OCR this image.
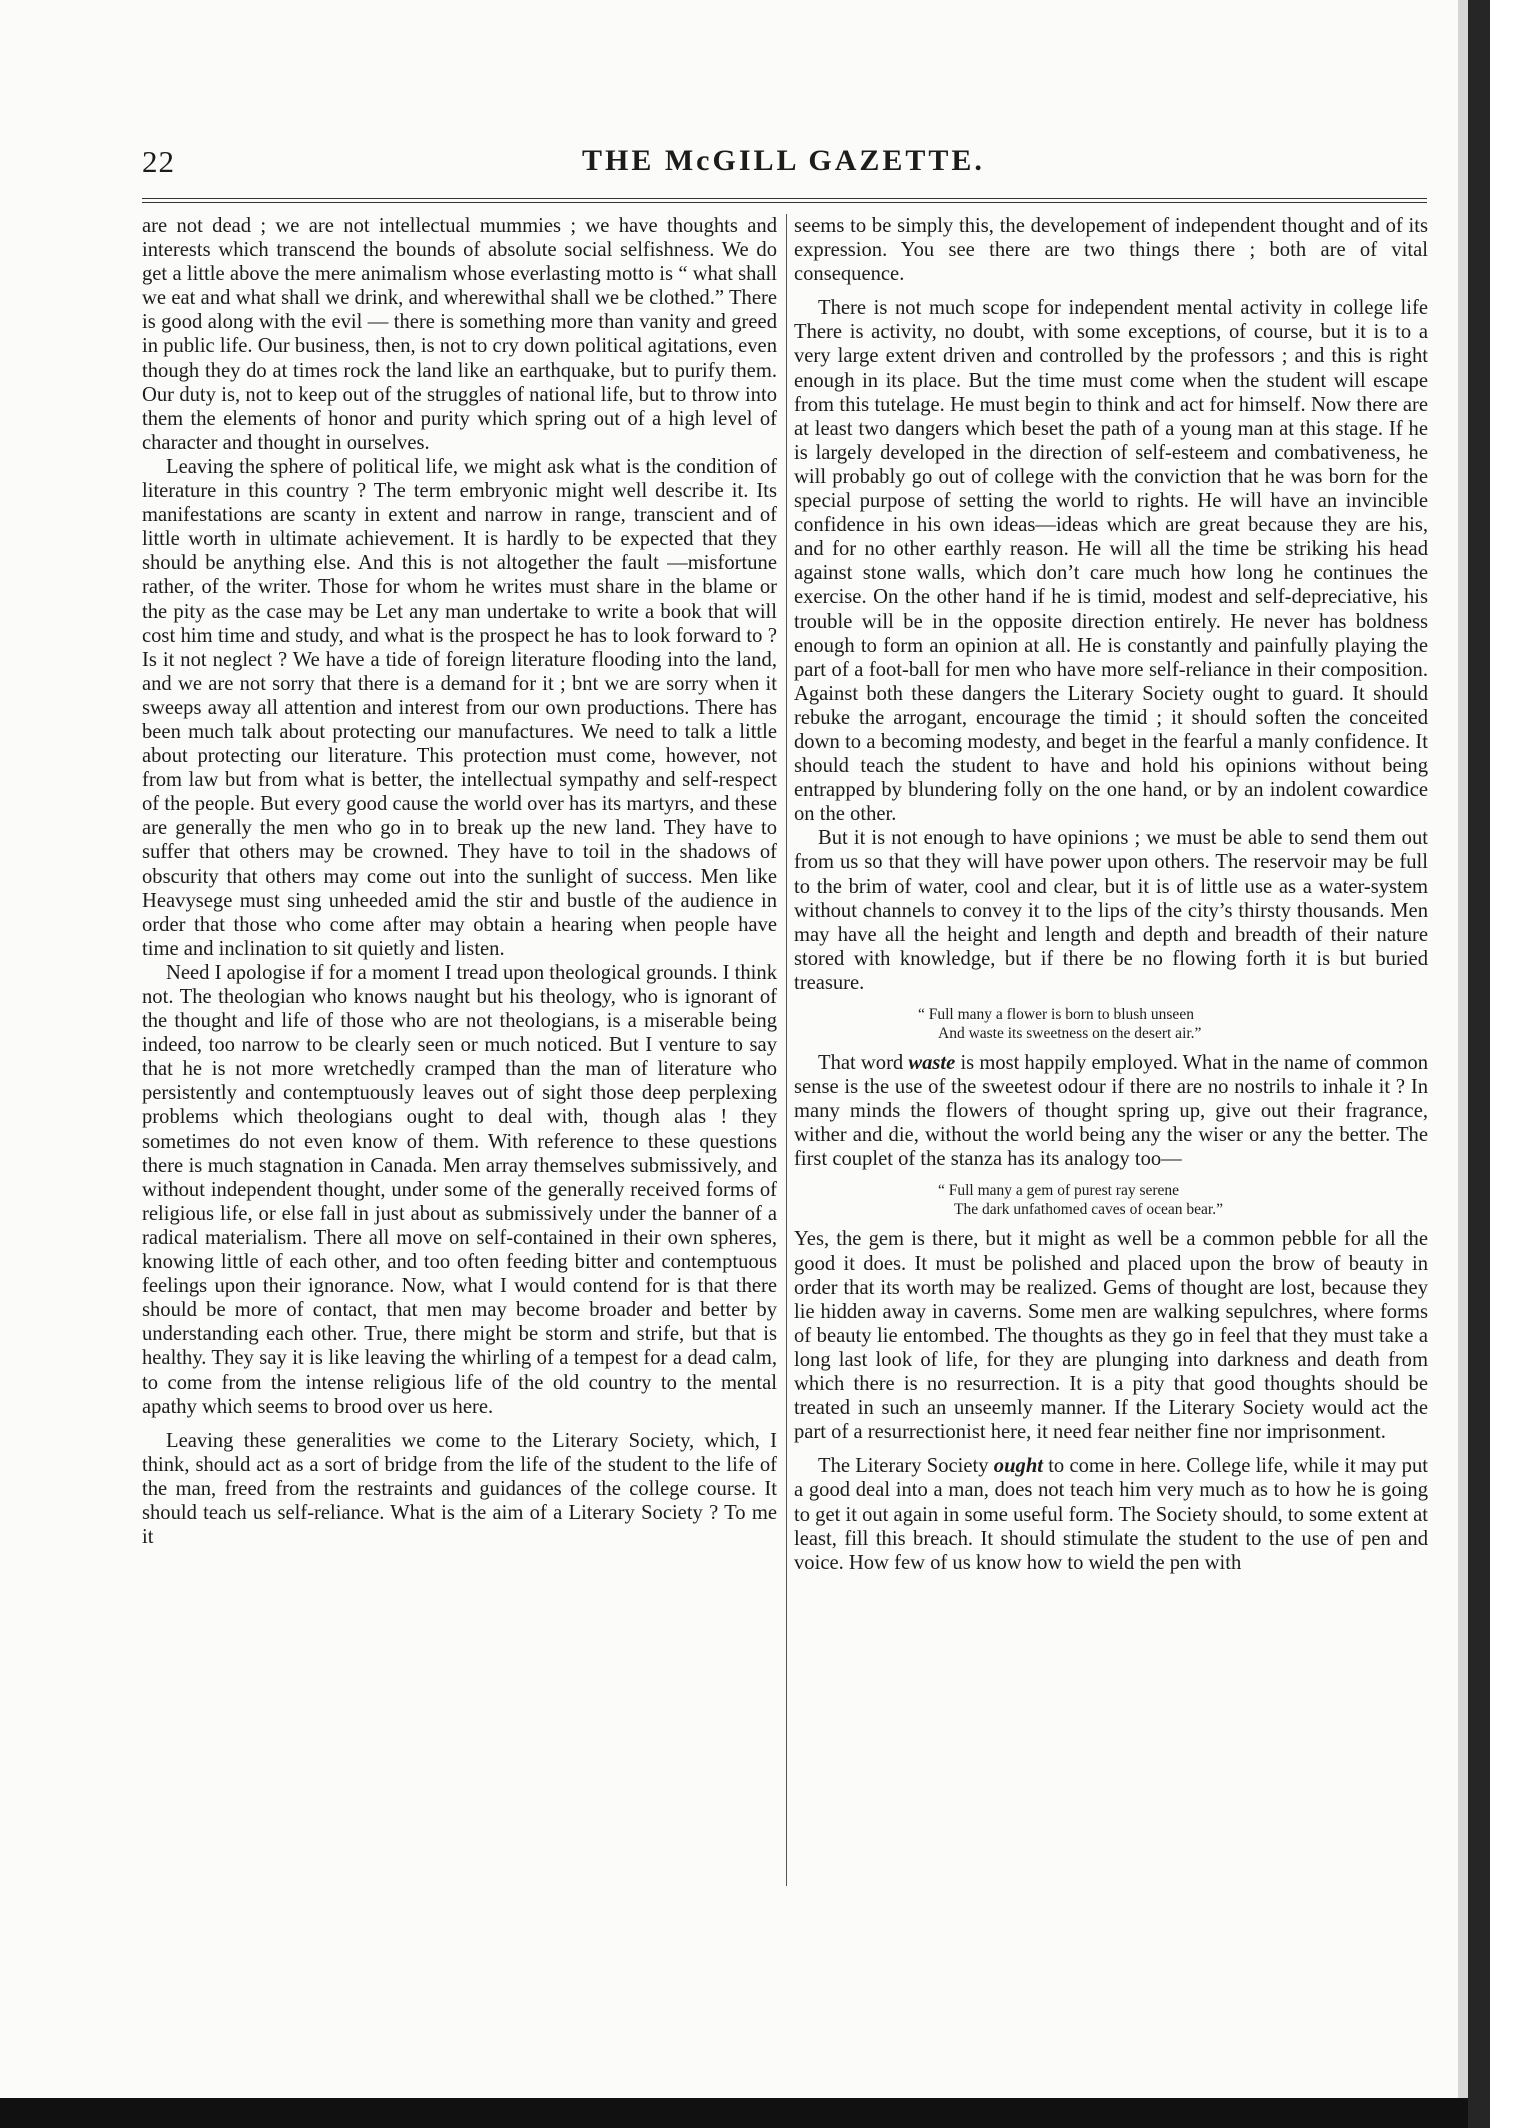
22	THE McGILL GAZETTE.

are not dead ; we are not intellectual mummies ; we have thoughts and interests which transcend the bounds of absolute social selfishness. We do get a little above the mere animalism whose everlasting motto is “ what shall we eat and what shall we drink, and wherewithal shall we be clothed.” There is good along with the evil — there is something more than vanity and greed in public life. Our business, then, is not to cry down political agitations, even though they do at times rock the land like an earthquake, but to purify them. Our duty is, not to keep out of the struggles of national life, but to throw into them the elements of honor and purity which spring out of a high level of character and thought in ourselves.

Leaving the sphere of political life, we might ask what is the condition of literature in this country ? The term embryonic might well describe it. Its manifestations are scanty in extent and narrow in range, transcient and of little worth in ultimate achievement. It is hardly to be expected that they should be anything else. And this is not altogether the fault —misfortune rather, of the writer. Those for whom he writes must share in the blame or the pity as the case may be Let any man undertake to write a book that will cost him time and study, and what is the prospect he has to look forward to ? Is it not neglect ? We have a tide of foreign literature flooding into the land, and we are not sorry that there is a demand for it ; bnt we are sorry when it sweeps away all attention and interest from our own productions. There has been much talk about protecting our manufactures. We need to talk a little about protecting our literature. This protection must come, however, not from law but from what is better, the intellectual sympathy and self-respect of the people. But every good cause the world over has its martyrs, and these are generally the men who go in to break up the new land. They have to suffer that others may be crowned. They have to toil in the shadows of obscurity that others may come out into the sunlight of success. Men like Heavysege must sing unheeded amid the stir and bustle of the audience in order that those who come after may obtain a hearing when people have time and inclination to sit quietly and listen.

Need I apologise if for a moment I tread upon theological grounds. I think not. The theologian who knows naught but his theology, who is ignorant of the thought and life of those who are not theologians, is a miserable being indeed, too narrow to be clearly seen or much noticed. But I venture to say that he is not more wretchedly cramped than the man of literature who persistently and contemptuously leaves out of sight those deep perplexing problems which theologians ought to deal with, though alas ! they sometimes do not even know of them. With reference to these questions there is much stagnation in Canada. Men array themselves submissively, and without independent thought, under some of the generally received forms of religious life, or else fall in just about as submissively under the banner of a radical materialism. There all move on self-contained in their own spheres, knowing little of each other, and too often feeding bitter and contemptuous feelings upon their ignorance. Now, what I would contend for is that there should be more of contact, that men may become broader and better by understanding each other. True, there might be storm and strife, but that is healthy. They say it is like leaving the whirling of a tempest for a dead calm, to come from the intense religious life of the old country to the mental apathy which seems to brood over us here.

Leaving these generalities we come to the Literary Society, which, I think, should act as a sort of bridge from the life of the student to the life of the man, freed from the restraints and guidances of the college course. It should teach us self-reliance. What is the aim of a Literary Society ? To me it

seems to be simply this, the developement of independent thought and of its expression. You see there are two things there ; both are of vital consequence.

There is not much scope for independent mental activity in college life There is activity, no doubt, with some exceptions, of course, but it is to a very large extent driven and controlled by the professors ; and this is right enough in its place. But the time must come when the student will escape from this tutelage. He must begin to think and act for himself. Now there are at least two dangers which beset the path of a young man at this stage. If he is largely developed in the direction of self-esteem and combativeness, he will probably go out of college with the conviction that he was born for the special purpose of setting the world to rights. He will have an invincible confidence in his own ideas—ideas which are great because they are his, and for no other earthly reason. He will all the time be striking his head against stone walls, which don’t care much how long he continues the exercise. On the other hand if he is timid, modest and self-depreciative, his trouble will be in the opposite direction entirely. He never has boldness enough to form an opinion at all. He is constantly and painfully playing the part of a foot-ball for men who have more self-reliance in their composition. Against both these dangers the Literary Society ought to guard. It should rebuke the arrogant, encourage the timid ; it should soften the conceited down to a becoming modesty, and beget in the fearful a manly confidence. It should teach the student to have and hold his opinions without being entrapped by blundering folly on the one hand, or by an indolent cowardice on the other.

But it is not enough to have opinions ; we must be able to send them out from us so that they will have power upon others. The reservoir may be full to the brim of water, cool and clear, but it is of little use as a water-system without channels to convey it to the lips of the city’s thirsty thousands. Men may have all the height and length and depth and breadth of their nature stored with knowledge, but if there be no flowing forth it is but buried treasure.

“ Full many a flower is born to blush unseen
And waste its sweetness on the desert air.”

That word waste is most happily employed. What in the name of common sense is the use of the sweetest odour if there are no nostrils to inhale it ? In many minds the flowers of thought spring up, give out their fragrance, wither and die, without the world being any the wiser or any the better. The first couplet of the stanza has its analogy too—

“ Full many a gem of purest ray serene
The dark unfathomed caves of ocean bear.”

Yes, the gem is there, but it might as well be a common pebble for all the good it does. It must be polished and placed upon the brow of beauty in order that its worth may be realized. Gems of thought are lost, because they lie hidden away in caverns. Some men are walking sepulchres, where forms of beauty lie entombed. The thoughts as they go in feel that they must take a long last look of life, for they are plunging into darkness and death from which there is no resurrection. It is a pity that good thoughts should be treated in such an unseemly manner. If the Literary Society would act the part of a resurrectionist here, it need fear neither fine nor imprisonment.

The Literary Society ought to come in here. College life, while it may put a good deal into a man, does not teach him very much as to how he is going to get it out again in some useful form. The Society should, to some extent at least, fill this breach. It should stimulate the student to the use of pen and voice. How few of us know how to wield the pen with
